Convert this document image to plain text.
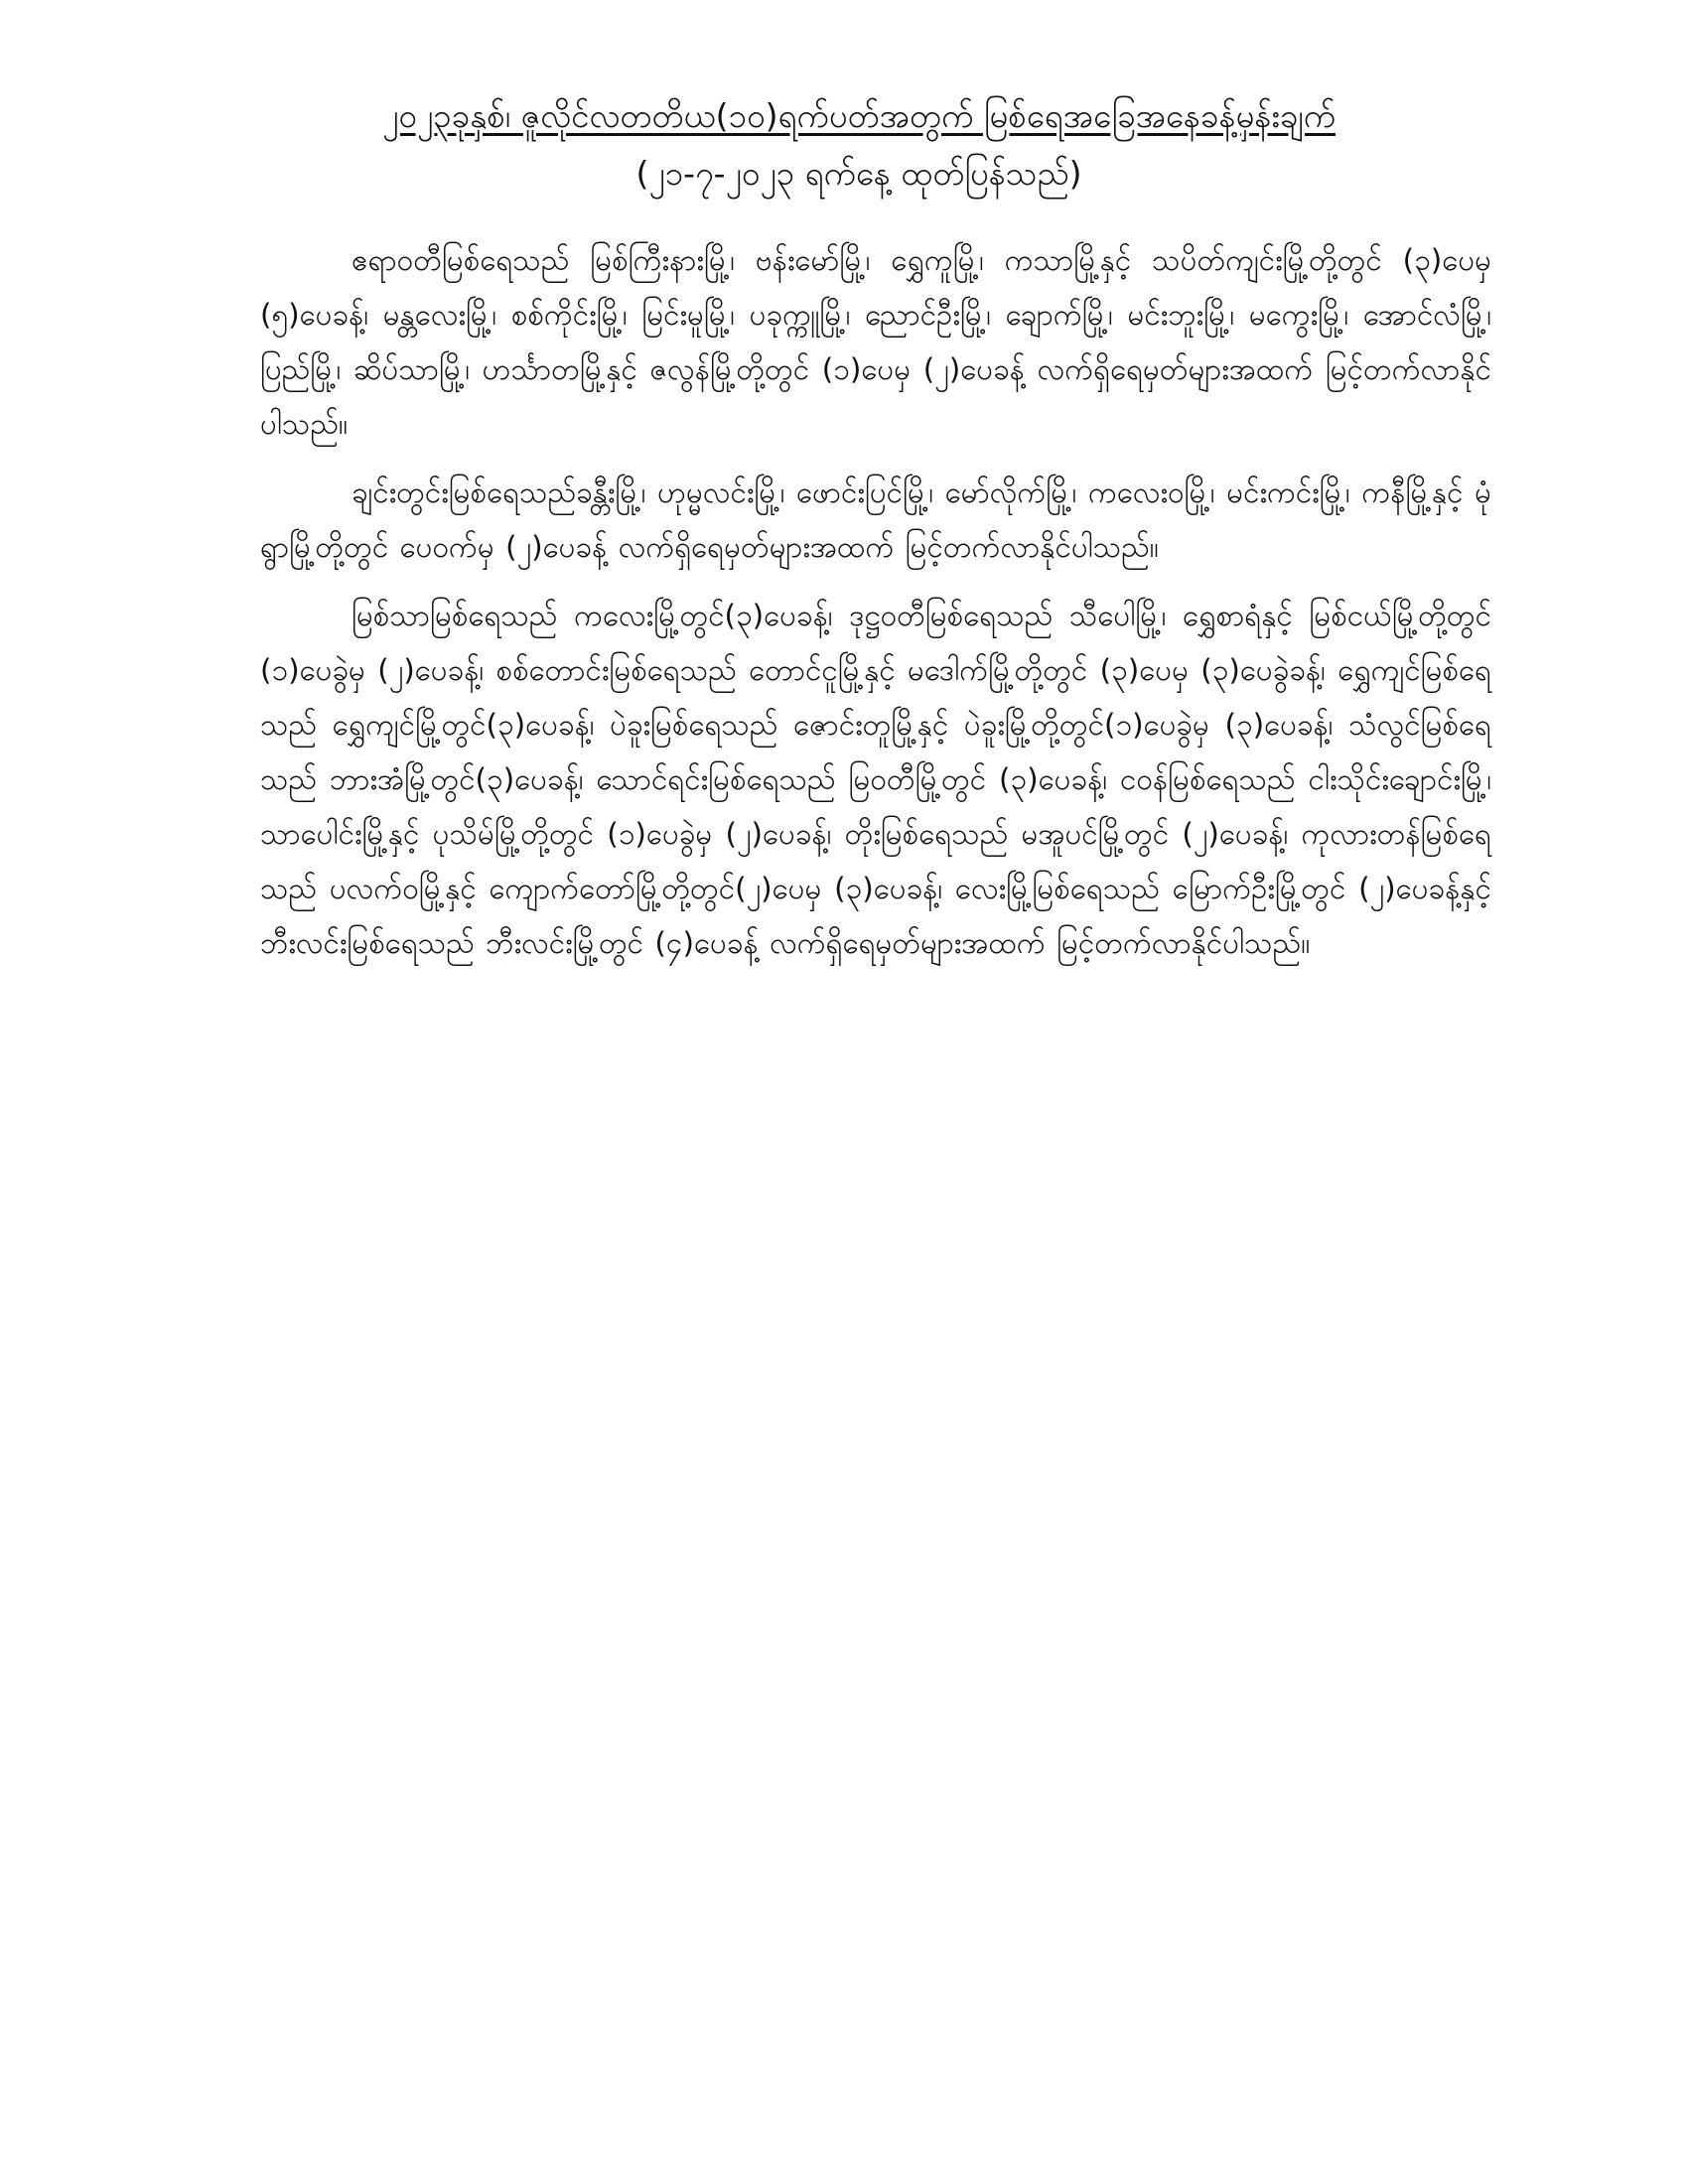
၂၀၂၃ခုနှစ်၊ ဇူလိုင်လတတိယ(၁၀)ရက်ပတ်အတွက် မြစ်ရေအခြေအနေခန့်မှန်းချက်

(၂၁-၇-၂၀၂၃ ရက်နေ့ ထုတ်ပြန်သည်)

ဧရာဝတီမြစ်ရေသည် မြစ်ကြီးနားမြို့၊ ဗန်းမော်မြို့၊ ရွှေကူမြို့၊ ကသာမြို့နှင့် သပိတ်ကျင်းမြို့တို့တွင် (၃)ပေမှ (၅)ပေခန့်၊ မန္တလေးမြို့၊ စစ်ကိုင်းမြို့၊ မြင်းမူမြို့၊ ပခုက္ကူမြို့၊ ညောင်ဦးမြို့၊ ချောက်မြို့၊ မင်းဘူးမြို့၊ မကွေးမြို့၊ အောင်လံမြို့၊ ပြည်မြို့၊ ဆိပ်သာမြို့၊ ဟင်္သာတမြို့နှင့် ဇလွန်မြို့တို့တွင် (၁)ပေမှ (၂)ပေခန့် လက်ရှိရေမှတ်များအထက် မြင့်တက်လာနိုင်ပါသည်။

ချင်းတွင်းမြစ်ရေသည်ခန္တီးမြို့၊ ဟုမ္မလင်းမြို့၊ ဖောင်းပြင်မြို့၊ မော်လိုက်မြို့၊ ကလေးဝမြို့၊ မင်းကင်းမြို့၊ ကနီမြို့နှင့် မုံရွာမြို့တို့တွင် ပေဝက်မှ (၂)ပေခန့် လက်ရှိရေမှတ်များအထက် မြင့်တက်လာနိုင်ပါသည်။

မြစ်သာမြစ်ရေသည် ကလေးမြို့တွင်(၃)ပေခန့်၊ ဒုဋ္ဌဝတီမြစ်ရေသည် သီပေါမြို့၊ ရွှေစာရံနှင့် မြစ်ငယ်မြို့တို့တွင် (၁)ပေခွဲမှ (၂)ပေခန့်၊ စစ်တောင်းမြစ်ရေသည် တောင်ငူမြို့နှင့် မဒေါက်မြို့တို့တွင် (၃)ပေမှ (၃)ပေခွဲခန့်၊ ရွှေကျင်မြစ်ရေသည် ရွှေကျင်မြို့တွင်(၃)ပေခန့်၊ ပဲခူးမြစ်ရေသည် ဇောင်းတူမြို့နှင့် ပဲခူးမြို့တို့တွင်(၁)ပေခွဲမှ (၃)ပေခန့်၊ သံလွင်မြစ်ရေသည် ဘားအံမြို့တွင်(၃)ပေခန့်၊ သောင်ရင်းမြစ်ရေသည် မြဝတီမြို့တွင် (၃)ပေခန့်၊ ငဝန်မြစ်ရေသည် ငါးသိုင်းချောင်းမြို့၊ သာပေါင်းမြို့နှင့် ပုသိမ်မြို့တို့တွင် (၁)ပေခွဲမှ (၂)ပေခန့်၊ တိုးမြစ်ရေသည် မအူပင်မြို့တွင် (၂)ပေခန့်၊ ကုလားတန်မြစ်ရေသည် ပလက်ဝမြို့နှင့် ကျောက်တော်မြို့တို့တွင်(၂)ပေမှ (၃)ပေခန့်၊ လေးမြို့မြစ်ရေသည် မြောက်ဦးမြို့တွင် (၂)ပေခန့်နှင့် ဘီးလင်းမြစ်ရေသည် ဘီးလင်းမြို့တွင် (၄)ပေခန့် လက်ရှိရေမှတ်များအထက် မြင့်တက်လာနိုင်ပါသည်။
